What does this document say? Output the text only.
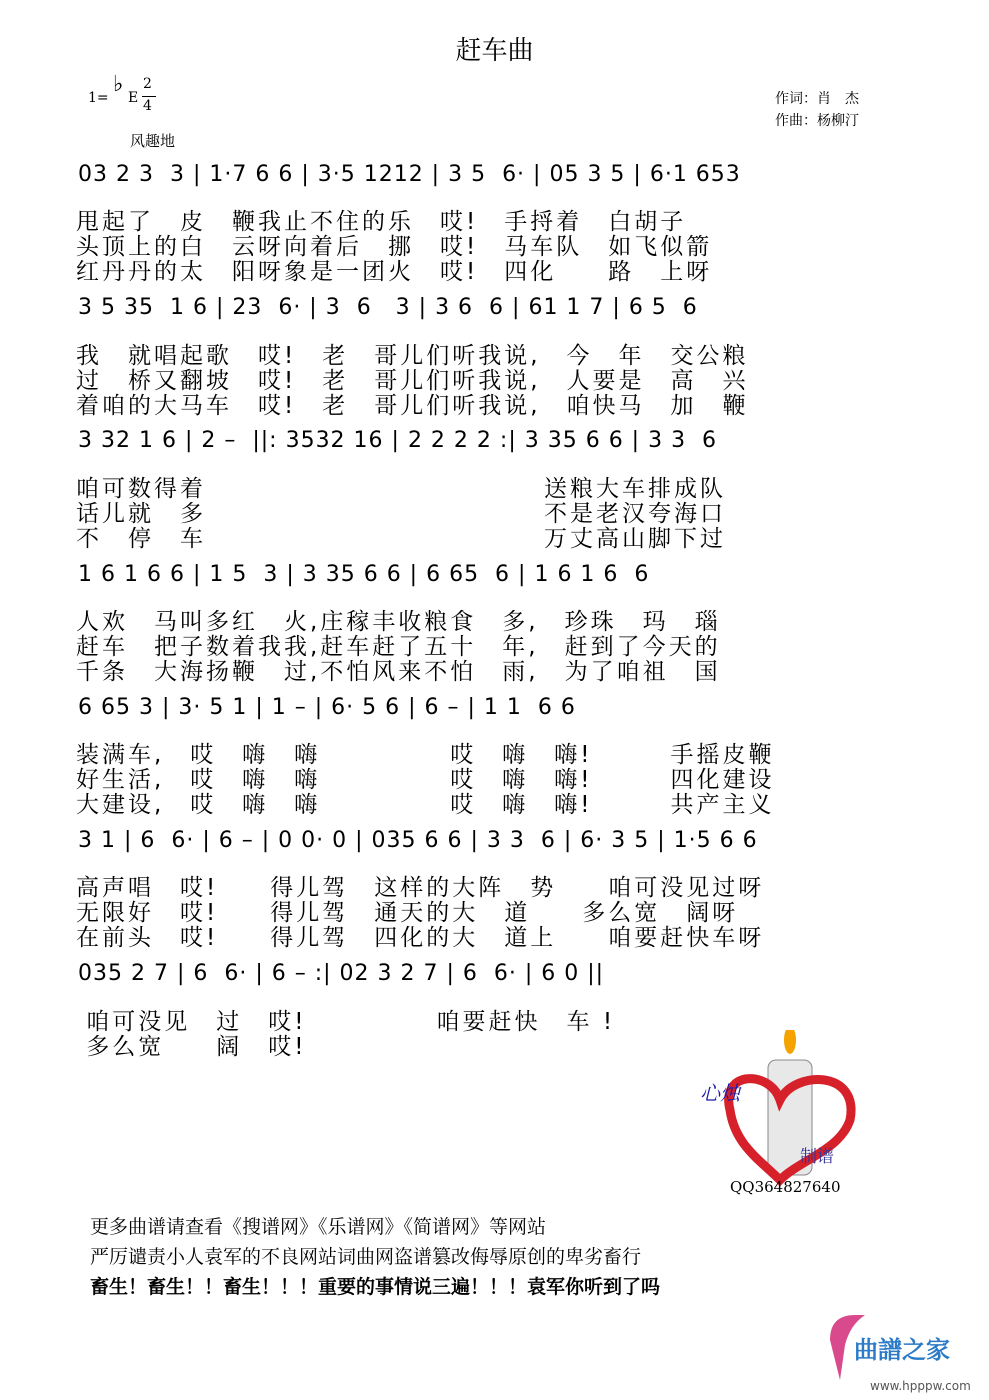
赶车曲
1=
♭
E
2
4
风趣地
作词：肖　杰
作曲：杨柳汀
03 2 3  3 | 1·7 6 6 | 3·5 1212 | 3 5  6· | 05 3 5 | 6·1 653
甩起了　皮　鞭我止不住的乐　哎!　手捋着　白胡子
头顶上的白　云呀向着后　挪　哎!　马车队　如飞似箭
红丹丹的太　阳呀象是一团火　哎!　四化　　路　上呀
3 5 35  1 6 | 23  6· | 3  6   3 | 3 6  6 | 61 1 7 | 6 5  6
我　就唱起歌　哎!　老　哥儿们听我说,　今　年　交公粮
过　桥又翻坡　哎!　老　哥儿们听我说,　人要是　高　兴
着咱的大马车　哎!　老　哥儿们听我说,　咱快马　加　鞭
3 32 1 6 | 2 –  ||: 3532 16 | 2 2 2 2 :| 3 35 6 6 | 3 3  6
咱可数得着　　　　　　　　　　　　　送粮大车排成队
话儿就　多　　　　　　　　　　　　　不是老汉夸海口
不　停　车　　　　　　　　　　　　　万丈高山脚下过
1 6 1 6 6 | 1 5  3 | 3 35 6 6 | 6 65  6 | 1 6 1 6  6
人欢　马叫多红　火,庄稼丰收粮食　多,　珍珠　玛　瑙
赶车　把子数着我我,赶车赶了五十　年,　赶到了今天的
千条　大海扬鞭　过,不怕风来不怕　雨,　为了咱祖　国
6 65 3 | 3· 5 1 | 1 – | 6· 5 6 | 6 – | 1 1  6 6
装满车,　哎　嗨　嗨　　　　　哎　嗨　嗨!　　　手摇皮鞭
好生活,　哎　嗨　嗨　　　　　哎　嗨　嗨!　　　四化建设
大建设,　哎　嗨　嗨　　　　　哎　嗨　嗨!　　　共产主义
3 1 | 6  6· | 6 – | 0 0· 0 | 035 6 6 | 3 3  6 | 6· 3 5 | 1·5 6 6
高声唱　哎!　　得儿驾　这样的大阵　势　　咱可没见过呀
无限好　哎!　　得儿驾　通天的大　道　　多么宽　阔呀
在前头　哎!　　得儿驾　四化的大　道上　　咱要赶快车呀
035 2 7 | 6  6· | 6 – :| 02 3 2 7 | 6  6· | 6 0 ||
咱可没见　过　哎!　　　　　咱要赶快　车 !
多么宽　　阔　哎!
心烛
制谱
QQ364827640
更多曲谱请查看《搜谱网》《乐谱网》《简谱网》等网站
严厉谴责小人袁军的不良网站词曲网盗谱篡改侮辱原创的卑劣畜行
畜生！畜生！！畜生！！！重要的事情说三遍！！！袁军你听到了吗
曲譜之家
www.hpppw.com
